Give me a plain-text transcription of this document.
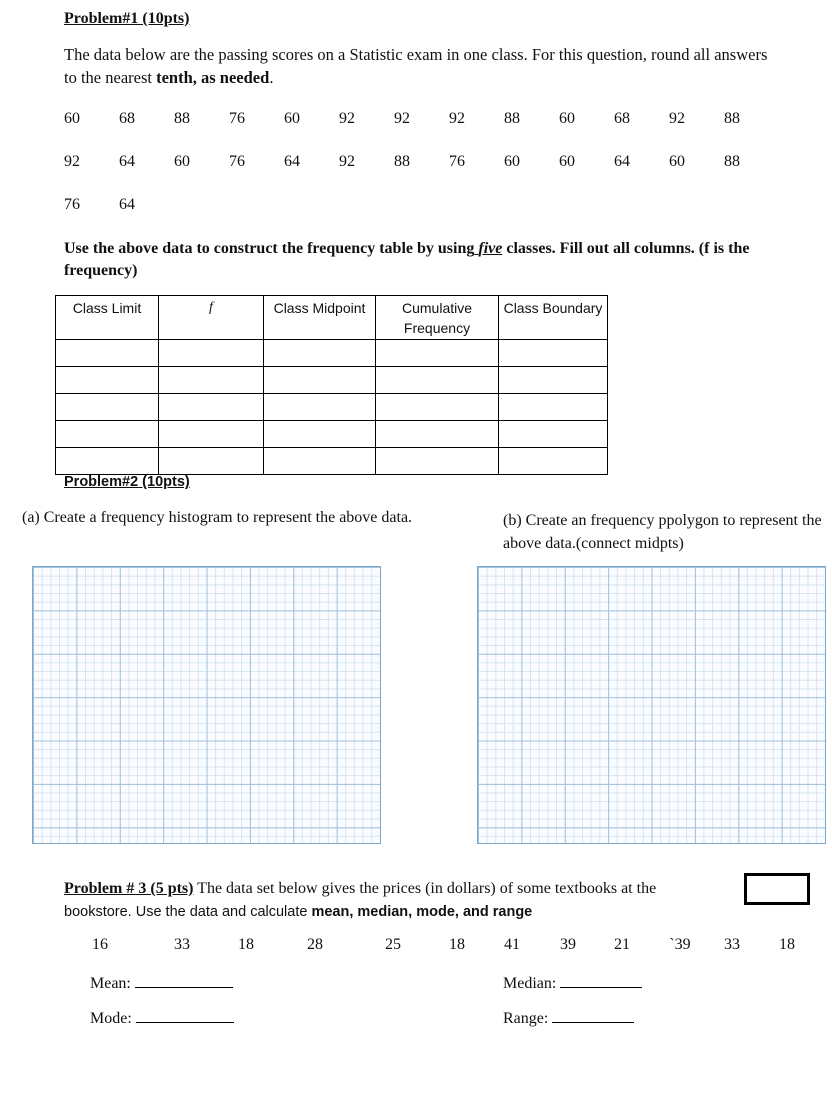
Problem#1 (10pts)
The data below are the passing scores on a Statistic exam in one class. For this question, round all answers to the nearest tenth, as needed.
60	68	88	76	60	92	92	92	88	60	68	92	88
92	64	60	76	64	92	88	76	60	60	64	60	88
76	64
Use the above data to construct the frequency table by using five classes. Fill out all columns. (f is the frequency)
Class Limit	f	Class Midpoint	Cumulative Frequency	Class Boundary

Problem#2 (10pts)
(a) Create a frequency histogram to represent the above data.	(b) Create an frequency ppolygon to represent the above data.(connect midpts)
Problem # 3 (5 pts) The data set below gives the prices (in dollars) of some textbooks at the
bookstore. Use the data and calculate mean, median, mode, and range
16	33	18	28	25	18	41	39	21	`39	33	18
Mean:	Median:
Mode:	Range:
